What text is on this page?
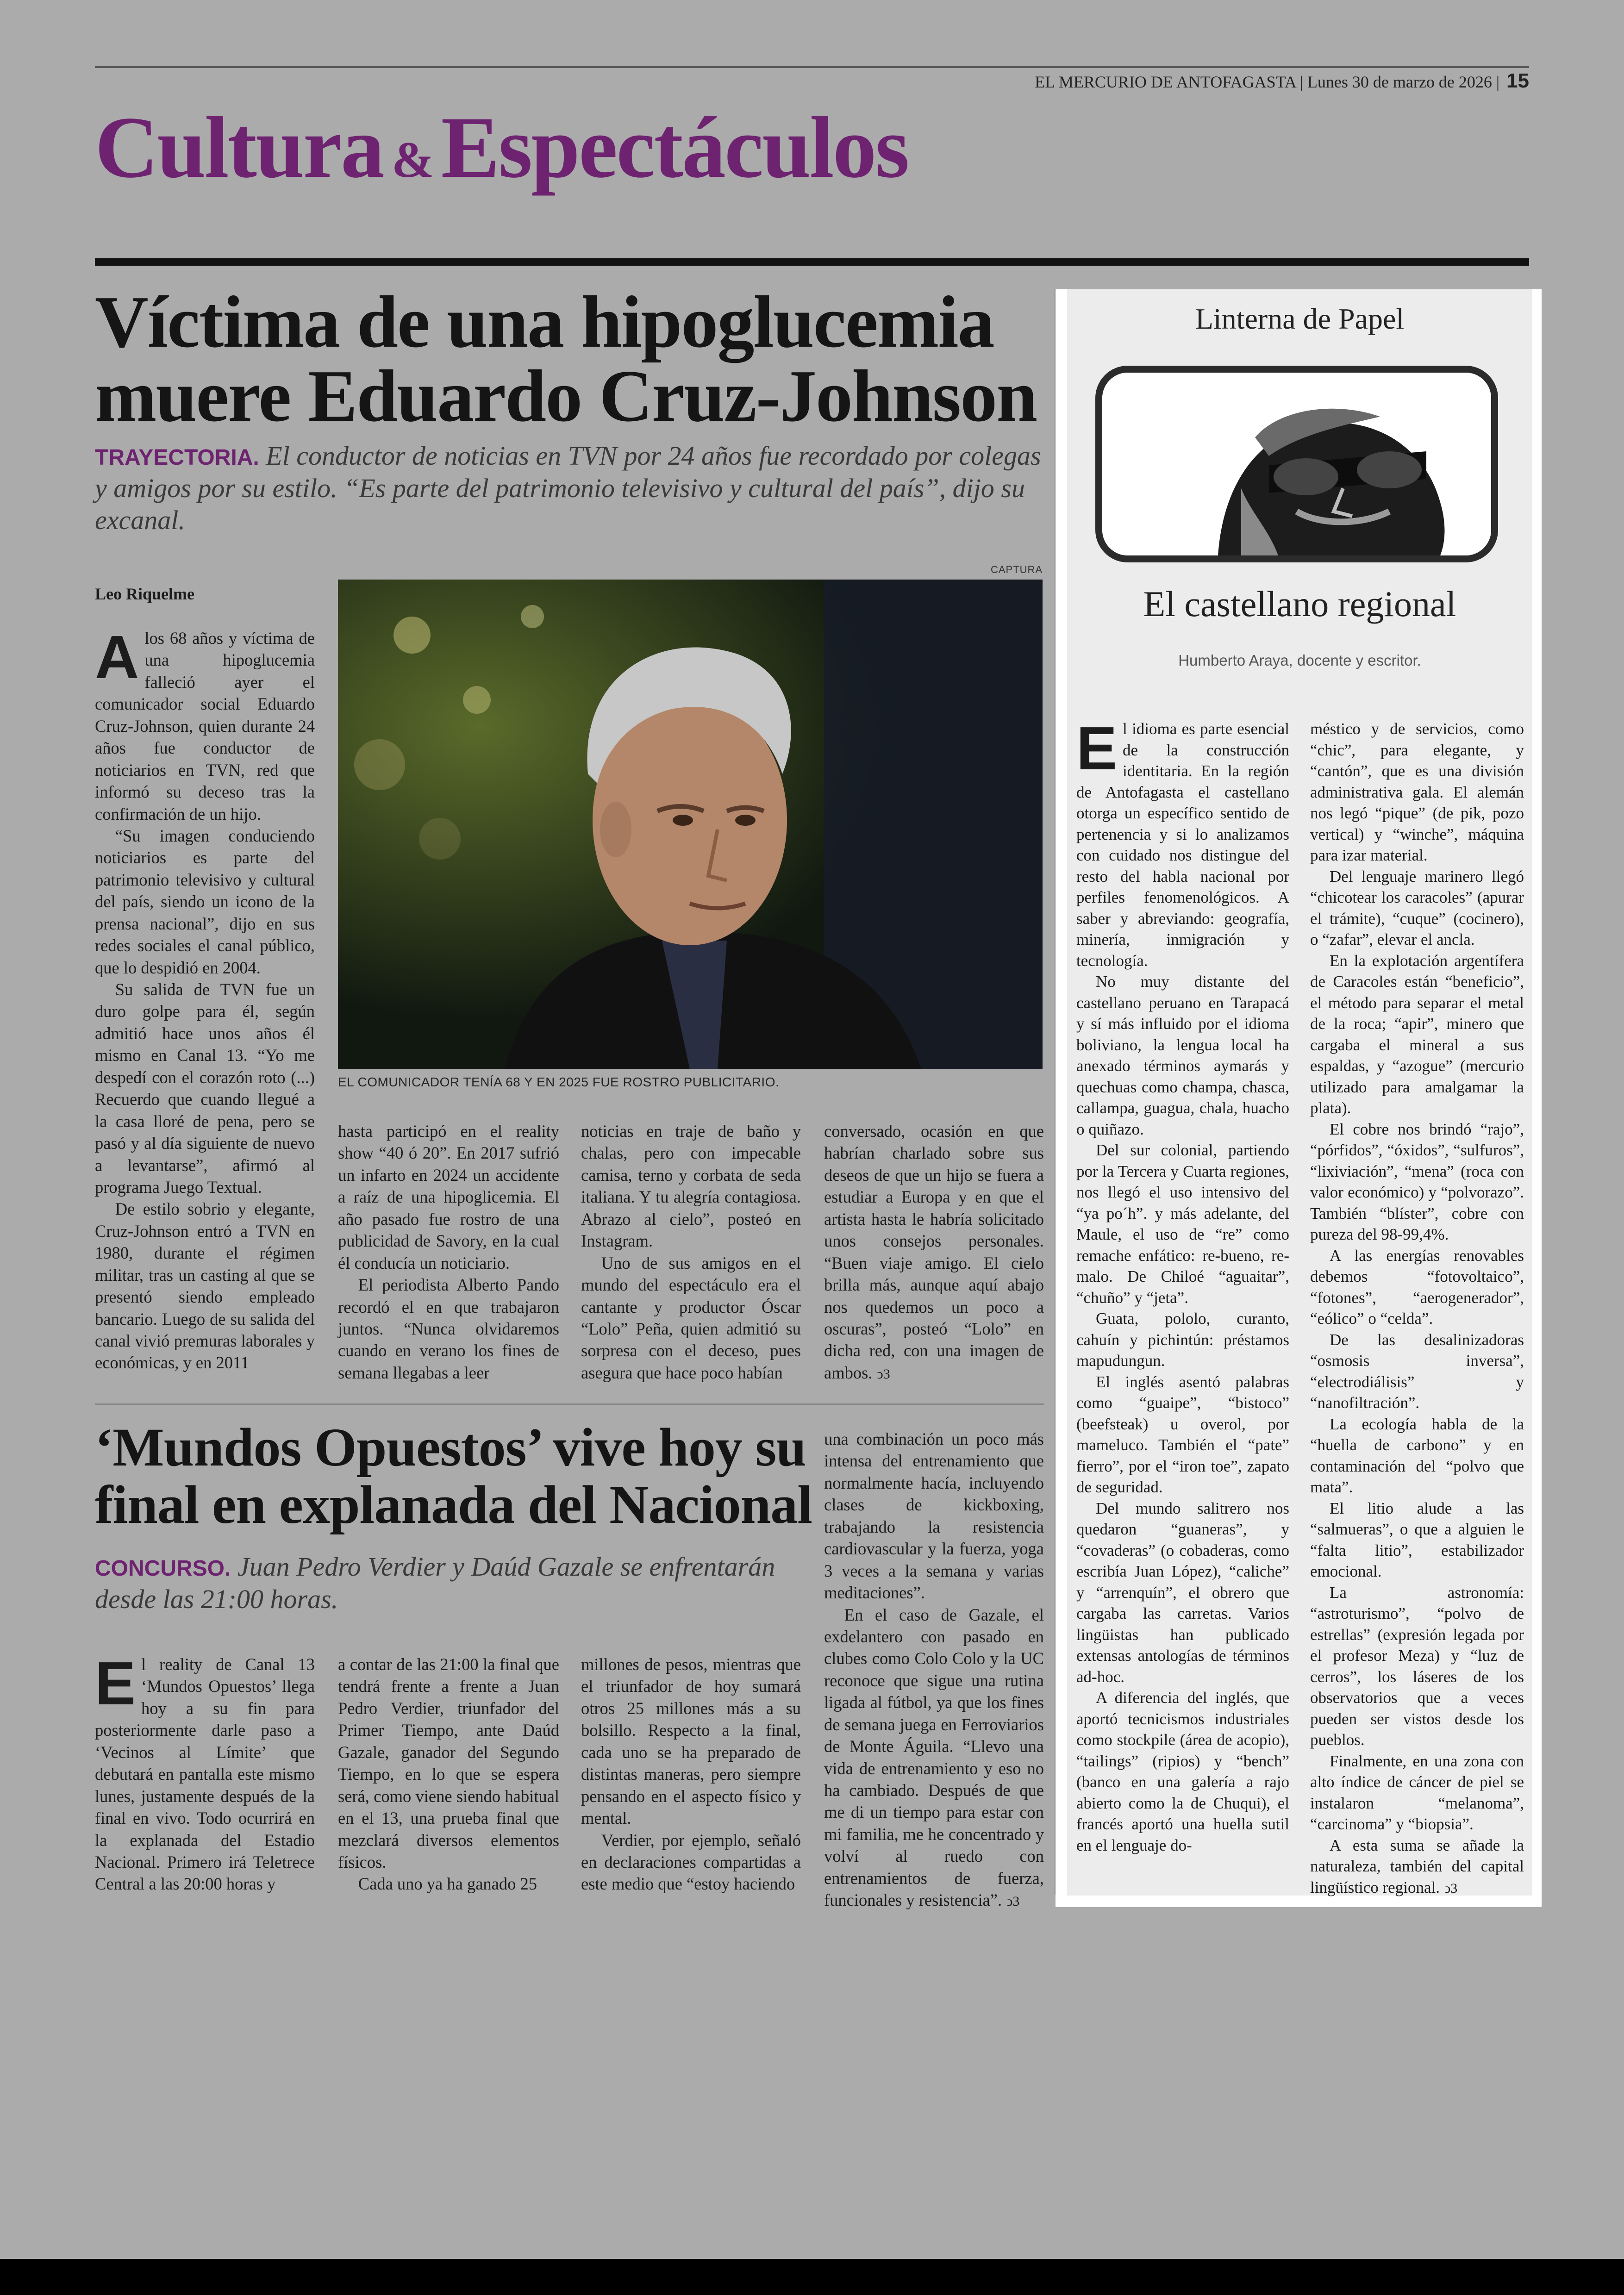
EL MERCURIO DE ANTOFAGASTA | Lunes 30 de marzo de 2026 | 15
Cultura &Espectáculos
Víctima de una hipoglucemia muere Eduardo Cruz-Johnson
TRAYECTORIA. El conductor de noticias en TVN por 24 años fue recordado por colegas y amigos por su estilo. “Es parte del patrimonio televisivo y cultural del país”, dijo su excanal.
Leo Riquelme
A los 68 años y víctima de una hipoglucemia falleció ayer el comunicador social Eduardo Cruz-Johnson, quien durante 24 años fue conductor de noticiarios en TVN, red que informó su deceso tras la confirmación de un hijo.

“Su imagen conduciendo noticiarios es parte del patrimonio televisivo y cultural del país, siendo un icono de la prensa nacional”, dijo en sus redes sociales el canal público, que lo despidió en 2004.

Su salida de TVN fue un duro golpe para él, según admitió hace unos años él mismo en Canal 13. “Yo me despedí con el corazón roto (...) Recuerdo que cuando llegué a la casa lloré de pena, pero se pasó y al día siguiente de nuevo a levantarse”, afirmó al programa Juego Textual.

De estilo sobrio y elegante, Cruz-Johnson entró a TVN en 1980, durante el régimen militar, tras un casting al que se presentó siendo empleado bancario. Luego de su salida del canal vivió premuras laborales y económicas, y en 2011

CAPTURA
EL COMUNICADOR TENÍA 68 Y EN 2025 FUE ROSTRO PUBLICITARIO.

hasta participó en el reality show “40 ó 20”. En 2017 sufrió un infarto en 2024 un accidente a raíz de una hipoglicemia. El año pasado fue rostro de una publicidad de Savory, en la cual él conducía un noticiario.

El periodista Alberto Pando recordó el en que trabajaron juntos. “Nunca olvidaremos cuando en verano los fines de semana llegabas a leer

noticias en traje de baño y chalas, pero con impecable camisa, terno y corbata de seda italiana. Y tu alegría contagiosa. Abrazo al cielo”, posteó en Instagram.

Uno de sus amigos en el mundo del espectáculo era el cantante y productor Óscar “Lolo” Peña, quien admitió su sorpresa con el deceso, pues asegura que hace poco habían

conversado, ocasión en que habrían charlado sobre sus deseos de que un hijo se fuera a estudiar a Europa y en que el artista hasta le habría solicitado unos consejos personales. “Buen viaje amigo. El cielo brilla más, aunque aquí abajo nos quedemos un poco a oscuras”, posteó “Lolo” en dicha red, con una imagen de ambos. ↄ3

‘Mundos Opuestos’ vive hoy su final en explanada del Nacional
CONCURSO. Juan Pedro Verdier y Daúd Gazale se enfrentarán desde las 21:00 horas.
E l reality de Canal 13 ‘Mundos Opuestos’ llega hoy a su fin para posteriormente darle paso a ‘Vecinos al Límite’ que debutará en pantalla este mismo lunes, justamente después de la final en vivo. Todo ocurrirá en la explanada del Estadio Nacional. Primero irá Teletrece Central a las 20:00 horas y

a contar de las 21:00 la final que tendrá frente a frente a Juan Pedro Verdier, triunfador del Primer Tiempo, ante Daúd Gazale, ganador del Segundo Tiempo, en lo que se espera será, como viene siendo habitual en el 13, una prueba final que mezclará diversos elementos físicos.

Cada uno ya ha ganado 25

millones de pesos, mientras que el triunfador de hoy sumará otros 25 millones más a su bolsillo. Respecto a la final, cada uno se ha preparado de distintas maneras, pero siempre pensando en el aspecto físico y mental.

Verdier, por ejemplo, señaló en declaraciones compartidas a este medio que “estoy haciendo

una combinación un poco más intensa del entrenamiento que normalmente hacía, incluyendo clases de kickboxing, trabajando la resistencia cardiovascular y la fuerza, yoga 3 veces a la semana y varias meditaciones”.

En el caso de Gazale, el exdelantero con pasado en clubes como Colo Colo y la UC reconoce que sigue una rutina ligada al fútbol, ya que los fines de semana juega en Ferroviarios de Monte Águila. “Llevo una vida de entrenamiento y eso no ha cambiado. Después de que me di un tiempo para estar con mi familia, me he concentrado y volví al ruedo con entrenamientos de fuerza, funcionales y resistencia”. ↄ3

Linterna de Papel
El castellano regional
Humberto Araya, docente y escritor.
E l idioma es parte esencial de la construcción identitaria. En la región de Antofagasta el castellano otorga un específico sentido de pertenencia y si lo analizamos con cuidado nos distingue del resto del habla nacional por perfiles fenomenológicos. A saber y abreviando: geografía, minería, inmigración y tecnología.

No muy distante del castellano peruano en Tarapacá y sí más influido por el idioma boliviano, la lengua local ha anexado términos aymarás y quechuas como champa, chasca, callampa, guagua, chala, huacho o quiñazo.

Del sur colonial, partiendo por la Tercera y Cuarta regiones, nos llegó el uso intensivo del “ya po´h”. y más adelante, del Maule, el uso de “re” como remache enfático: re-bueno, re-malo. De Chiloé “aguaitar”, “chuño” y “jeta”.

Guata, pololo, curanto, cahuín y pichintún: préstamos mapudungun.

El inglés asentó palabras como “guaipe”, “bistoco” (beefsteak) u overol, por mameluco. También el “pate” fierro”, por el “iron toe”, zapato de seguridad.

Del mundo salitrero nos quedaron “guaneras”, y “covaderas” (o cobaderas, como escribía Juan López), “caliche” y “arrenquín”, el obrero que cargaba las carretas. Varios lingüistas han publicado extensas antologías de términos ad-hoc.

A diferencia del inglés, que aportó tecnicismos industriales como stockpile (área de acopio), “tailings” (ripios) y “bench” (banco en una galería a rajo abierto como la de Chuqui), el francés aportó una huella sutil en el lenguaje do-

méstico y de servicios, como “chic”, para elegante, y “cantón”, que es una división administrativa gala. El alemán nos legó “pique” (de pik, pozo vertical) y “winche”, máquina para izar material.

Del lenguaje marinero llegó “chicotear los caracoles” (apurar el trámite), “cuque” (cocinero), o “zafar”, elevar el ancla.

En la explotación argentífera de Caracoles están “beneficio”, el método para separar el metal de la roca; “apir”, minero que cargaba el mineral a sus espaldas, y “azogue” (mercurio utilizado para amalgamar la plata).

El cobre nos brindó “rajo”, “pórfidos”, “óxidos”, “sulfuros”, “lixiviación”, “mena” (roca con valor económico) y “polvorazo”. También “blíster”, cobre con pureza del 98-99,4%.

A las energías renovables debemos “fotovoltaico”, “fotones”, “aerogenerador”, “eólico” o “celda”.

De las desalinizadoras “osmosis inversa”, “electrodiálisis” y “nanofiltración”.

La ecología habla de la “huella de carbono” y en contaminación del “polvo que mata”.

El litio alude a las “salmueras”, o que a alguien le “falta litio”, estabilizador emocional.

La astronomía: “astroturismo”, “polvo de estrellas” (expresión legada por el profesor Meza) y “luz de cerros”, los láseres de los observatorios que a veces pueden ser vistos desde los pueblos.

Finalmente, en una zona con alto índice de cáncer de piel se instalaron “melanoma”, “carcinoma” y “biopsia”.

A esta suma se añade la naturaleza, también del capital lingüístico regional. ↄ3
